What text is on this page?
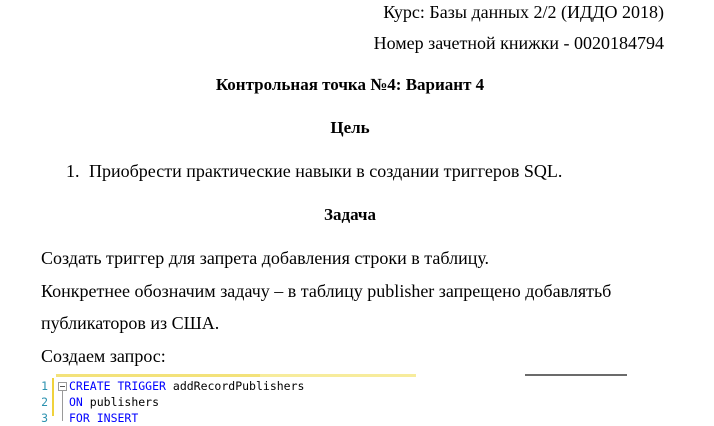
Курс: Базы данных 2/2 (ИДДО 2018)
Номер зачетной книжки - 0020184794
Контрольная точка №4: Вариант 4
Цель
1. Приобрести практические навыки в создании триггеров SQL.
Задача
Создать триггер для запрета добавления строки в таблицу.
Конкретнее обозначим задачу – в таблицу publisher запрещено добавлятьб
публикаторов из США.
Создаем запрос:
1 CREATE TRIGGER addRecordPublishers
2 ON publishers
3 FOR INSERT
